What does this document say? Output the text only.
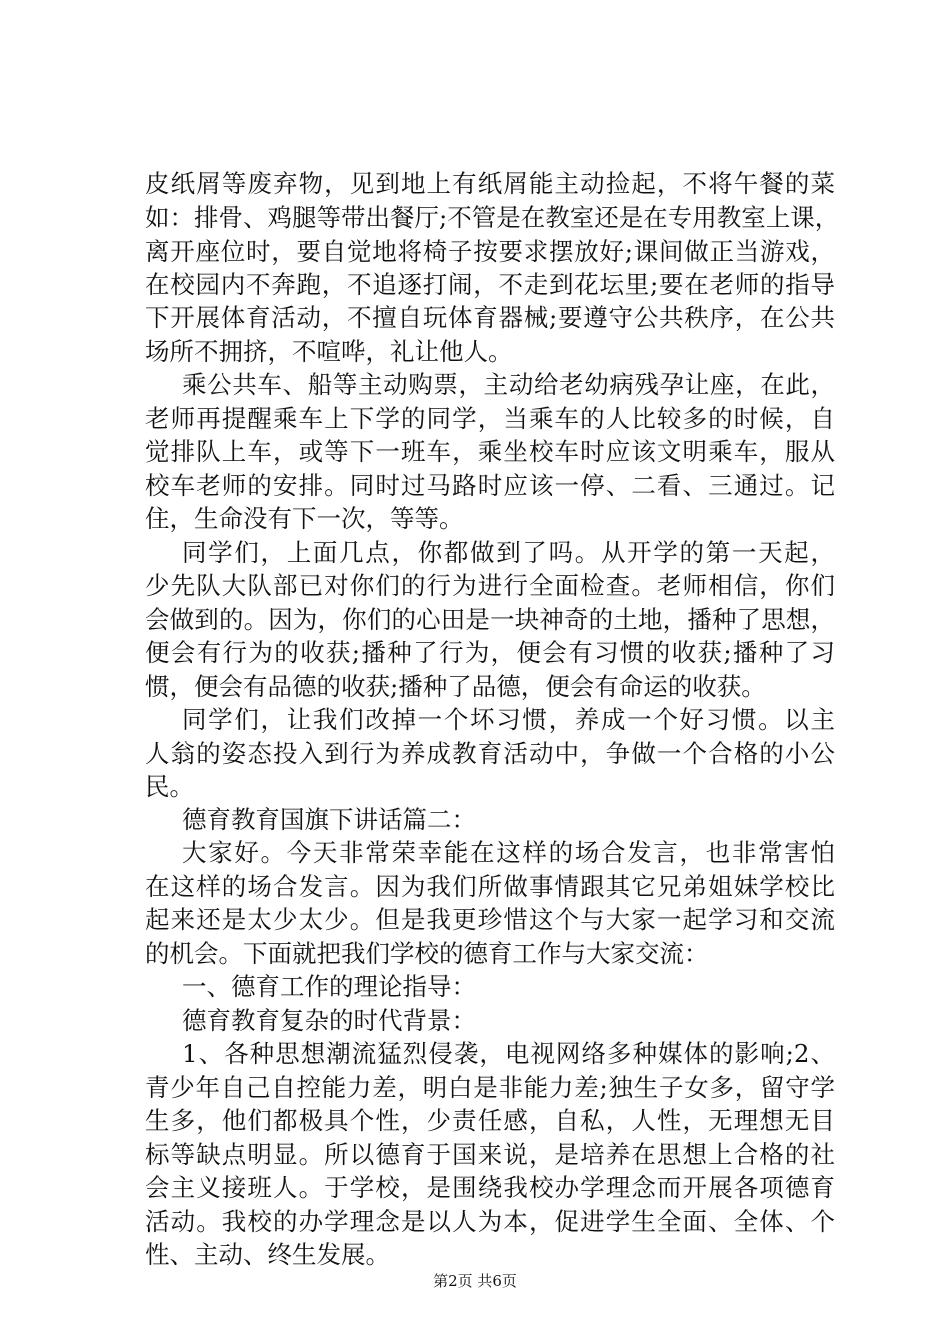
皮纸屑等废弃物，见到地上有纸屑能主动捡起，不将午餐的菜
如：排骨、鸡腿等带出餐厅;不管是在教室还是在专用教室上课，
离开座位时，要自觉地将椅子按要求摆放好;课间做正当游戏，
在校园内不奔跑，不追逐打闹，不走到花坛里;要在老师的指导
下开展体育活动，不擅自玩体育器械;要遵守公共秩序，在公共
场所不拥挤，不喧哗，礼让他人。
乘公共车、船等主动购票，主动给老幼病残孕让座，在此，
老师再提醒乘车上下学的同学，当乘车的人比较多的时候，自
觉排队上车，或等下一班车，乘坐校车时应该文明乘车，服从
校车老师的安排。同时过马路时应该一停、二看、三通过。记
住，生命没有下一次，等等。
同学们，上面几点，你都做到了吗。从开学的第一天起，
少先队大队部已对你们的行为进行全面检查。老师相信，你们
会做到的。因为，你们的心田是一块神奇的土地，播种了思想，
便会有行为的收获;播种了行为，便会有习惯的收获;播种了习
惯，便会有品德的收获;播种了品德，便会有命运的收获。
同学们，让我们改掉一个坏习惯，养成一个好习惯。以主
人翁的姿态投入到行为养成教育活动中，争做一个合格的小公
民。
德育教育国旗下讲话篇二：
大家好。今天非常荣幸能在这样的场合发言，也非常害怕
在这样的场合发言。因为我们所做事情跟其它兄弟姐妹学校比
起来还是太少太少。但是我更珍惜这个与大家一起学习和交流
的机会。下面就把我们学校的德育工作与大家交流：
一、德育工作的理论指导：
德育教育复杂的时代背景：
1、各种思想潮流猛烈侵袭，电视网络多种媒体的影响;2、
青少年自己自控能力差，明白是非能力差;独生子女多，留守学
生多，他们都极具个性，少责任感，自私，人性，无理想无目
标等缺点明显。所以德育于国来说，是培养在思想上合格的社
会主义接班人。于学校，是围绕我校办学理念而开展各项德育
活动。我校的办学理念是以人为本，促进学生全面、全体、个
性、主动、终生发展。
第2页 共6页
